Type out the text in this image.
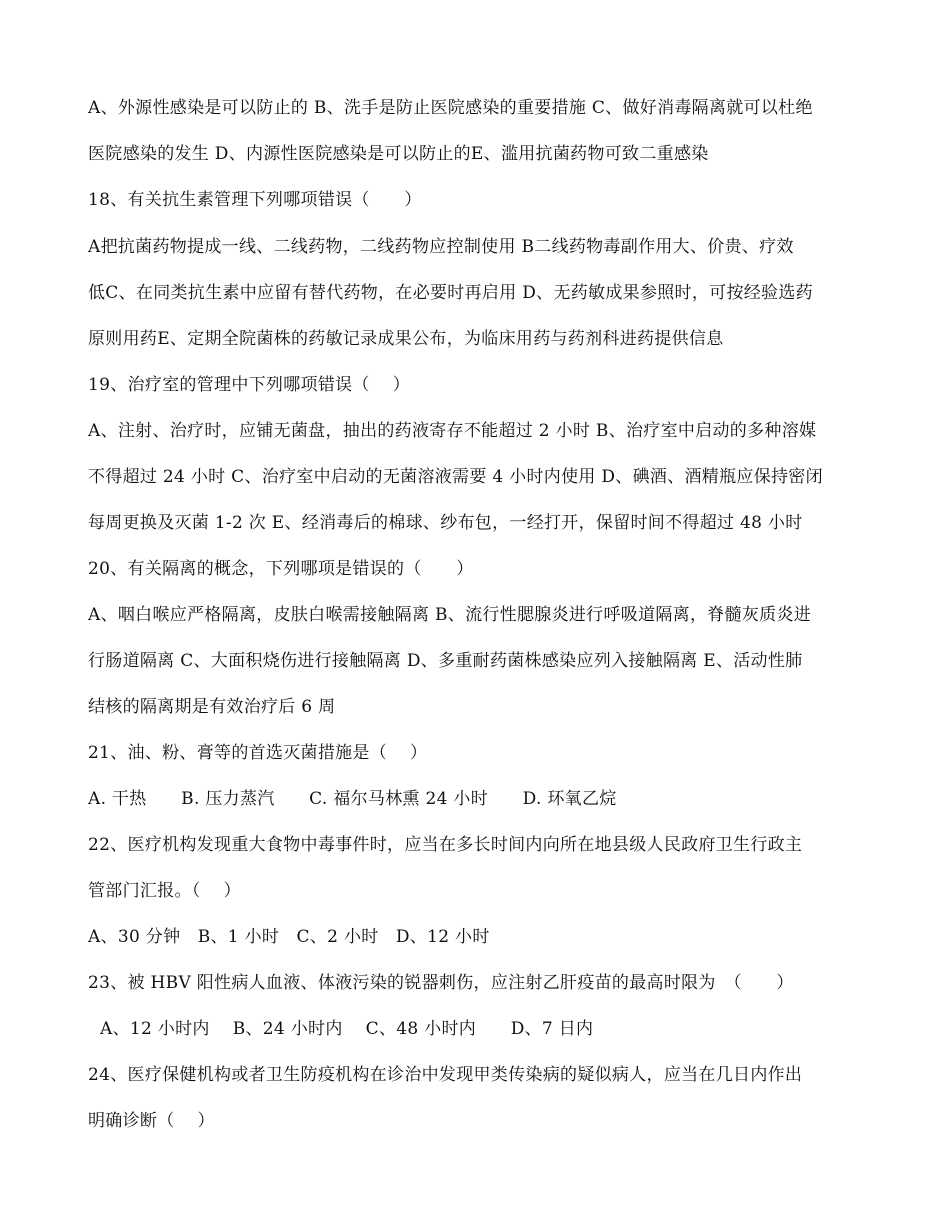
A、外源性感染是可以防止的 B、洗手是防止医院感染的重要措施 C、做好消毒隔离就可以杜绝
医院感染的发生 D、内源性医院感染是可以防止的E、滥用抗菌药物可致二重感染
18、有关抗生素管理下列哪项错误（　　）
A把抗菌药物提成一线、二线药物，二线药物应控制使用 B二线药物毒副作用大、价贵、疗效
低C、在同类抗生素中应留有替代药物，在必要时再启用 D、无药敏成果参照时，可按经验选药
原则用药E、定期全院菌株的药敏记录成果公布，为临床用药与药剂科进药提供信息
19、治疗室的管理中下列哪项错误（　 ）
A、注射、治疗时，应铺无菌盘，抽出的药液寄存不能超过 2 小时 B、治疗室中启动的多种溶媒
不得超过 24 小时 C、治疗室中启动的无菌溶液需要 4 小时内使用 D、碘酒、酒精瓶应保持密闭
每周更换及灭菌 1-2 次 E、经消毒后的棉球、纱布包，一经打开，保留时间不得超过 48 小时
20、有关隔离的概念，下列哪项是错误的（　　）
A、咽白喉应严格隔离，皮肤白喉需接触隔离 B、流行性腮腺炎进行呼吸道隔离，脊髓灰质炎进
行肠道隔离 C、大面积烧伤进行接触隔离 D、多重耐药菌株感染应列入接触隔离 E、活动性肺
结核的隔离期是有效治疗后 6 周
21、油、粉、膏等的首选灭菌措施是（　 ）
A. 干热　　B. 压力蒸汽　　C. 福尔马林熏 24 小时　　D. 环氧乙烷
22、医疗机构发现重大食物中毒事件时，应当在多长时间内向所在地县级人民政府卫生行政主
管部门汇报。（　 ）
A、30 分钟　B、1 小时　C、2 小时　D、12 小时
23、被 HBV 阳性病人血液、体液污染的锐器刺伤，应注射乙肝疫苗的最高时限为　（　　）
A、12 小时内　 B、24 小时内　 C、48 小时内　　D、7 日内
24、医疗保健机构或者卫生防疫机构在诊治中发现甲类传染病的疑似病人，应当在几日内作出
明确诊断（　 ）
